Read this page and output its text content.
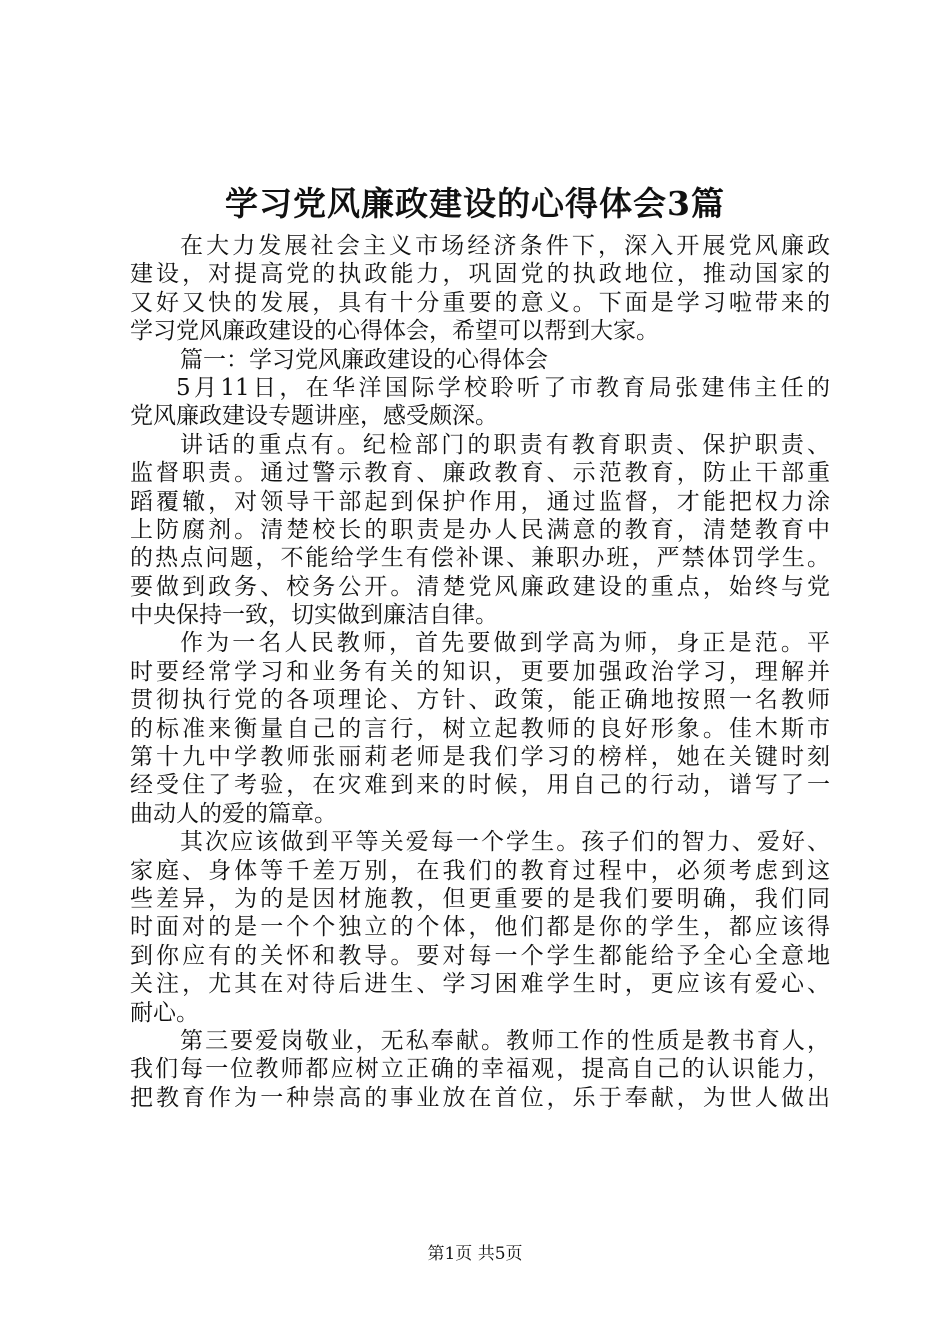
学习党风廉政建设的心得体会3篇
在大力发展社会主义市场经济条件下，深入开展党风廉政
建设，对提高党的执政能力，巩固党的执政地位，推动国家的
又好又快的发展，具有十分重要的意义。下面是学习啦带来的
学习党风廉政建设的心得体会，希望可以帮到大家。
篇一：学习党风廉政建设的心得体会
5月11日，在华洋国际学校聆听了市教育局张建伟主任的
党风廉政建设专题讲座，感受颇深。
讲话的重点有。纪检部门的职责有教育职责、保护职责、
监督职责。通过警示教育、廉政教育、示范教育，防止干部重
蹈覆辙，对领导干部起到保护作用，通过监督，才能把权力涂
上防腐剂。清楚校长的职责是办人民满意的教育，清楚教育中
的热点问题，不能给学生有偿补课、兼职办班，严禁体罚学生。
要做到政务、校务公开。清楚党风廉政建设的重点，始终与党
中央保持一致，切实做到廉洁自律。
作为一名人民教师，首先要做到学高为师，身正是范。平
时要经常学习和业务有关的知识，更要加强政治学习，理解并
贯彻执行党的各项理论、方针、政策，能正确地按照一名教师
的标准来衡量自己的言行，树立起教师的良好形象。佳木斯市
第十九中学教师张丽莉老师是我们学习的榜样，她在关键时刻
经受住了考验，在灾难到来的时候，用自己的行动，谱写了一
曲动人的爱的篇章。
其次应该做到平等关爱每一个学生。孩子们的智力、爱好、
家庭、身体等千差万别，在我们的教育过程中，必须考虑到这
些差异，为的是因材施教，但更重要的是我们要明确，我们同
时面对的是一个个独立的个体，他们都是你的学生，都应该得
到你应有的关怀和教导。要对每一个学生都能给予全心全意地
关注，尤其在对待后进生、学习困难学生时，更应该有爱心、
耐心。
第三要爱岗敬业，无私奉献。教师工作的性质是教书育人，
我们每一位教师都应树立正确的幸福观，提高自己的认识能力，
把教育作为一种崇高的事业放在首位，乐于奉献，为世人做出
第1页 共5页
